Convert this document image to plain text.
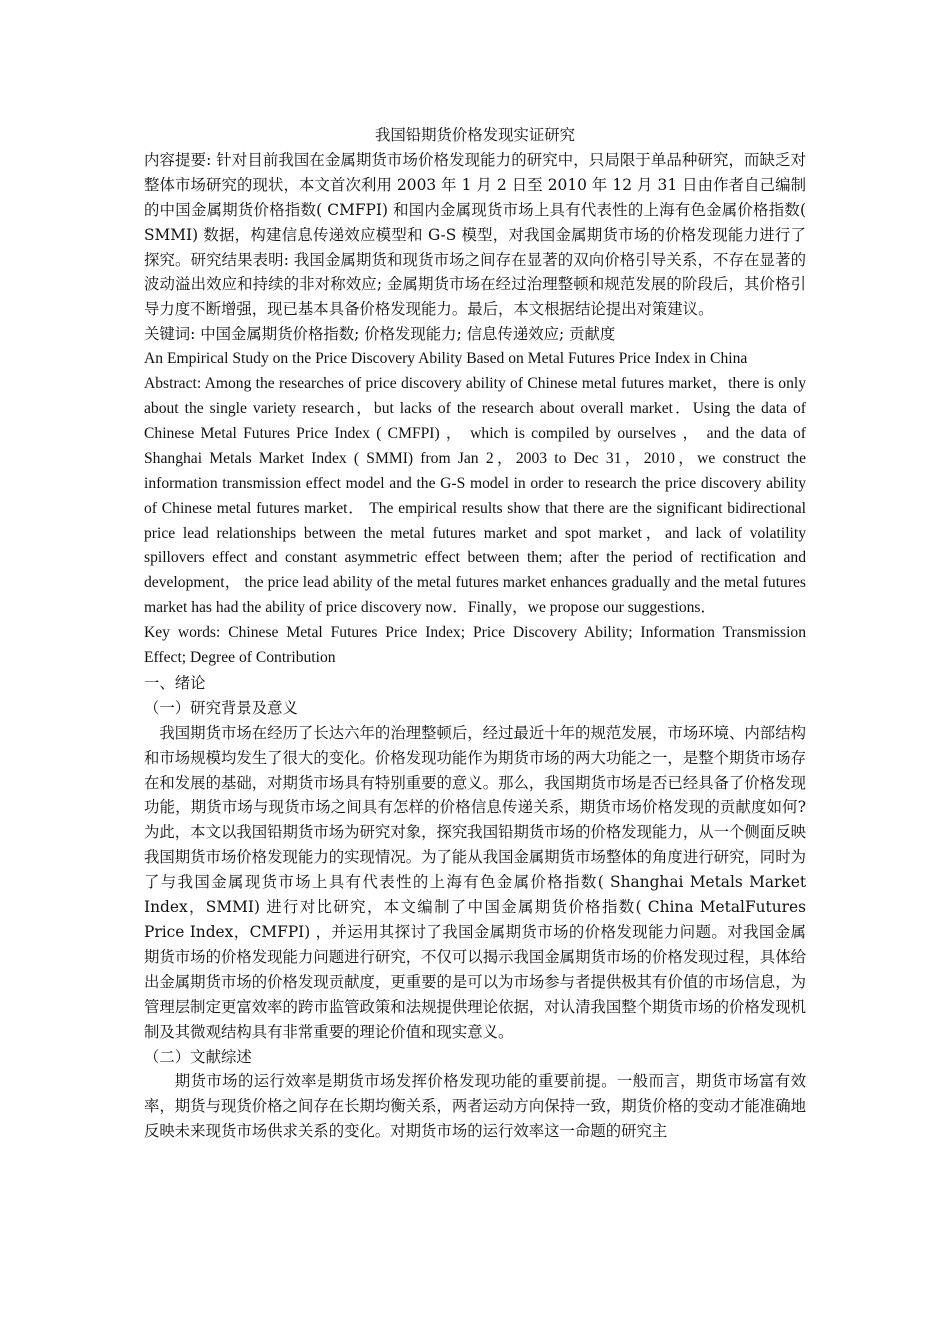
我国铅期货价格发现实证研究

内容提要: 针对目前我国在金属期货市场价格发现能力的研究中，只局限于单品种研究，而缺乏对整体市场研究的现状，本文首次利用 2003 年 1 月 2 日至 2010 年 12 月 31 日由作者自己编制的中国金属期货价格指数( CMFPI) 和国内金属现货市场上具有代表性的上海有色金属价格指数( SMMI) 数据，构建信息传递效应模型和 G-S 模型，对我国金属期货市场的价格发现能力进行了探究。研究结果表明: 我国金属期货和现货市场之间存在显著的双向价格引导关系，不存在显著的波动溢出效应和持续的非对称效应; 金属期货市场在经过治理整顿和规范发展的阶段后，其价格引导力度不断增强，现已基本具备价格发现能力。最后，本文根据结论提出对策建议。

关键词: 中国金属期货价格指数; 价格发现能力; 信息传递效应; 贡献度

An Empirical Study on the Price Discovery Ability Based on Metal Futures Price Index in China

Abstract: Among the researches of price discovery ability of Chinese metal futures market，there is only about the single variety research，but lacks of the research about overall market．Using the data of Chinese Metal Futures Price Index ( CMFPI) ， which is compiled by ourselves ， and the data of Shanghai Metals Market Index ( SMMI) from Jan 2，2003 to Dec 31，2010，we construct the information transmission effect model and the G-S model in order to research the price discovery ability of Chinese metal futures market． The empirical results show that there are the significant bidirectional price lead relationships between the metal futures market and spot market，and lack of volatility spillovers effect and constant asymmetric effect between them; after the period of rectification and development， the price lead ability of the metal futures market enhances gradually and the metal futures market has had the ability of price discovery now．Finally，we propose our suggestions．

Key words: Chinese Metal Futures Price Index; Price Discovery Ability; Information Transmission Effect; Degree of Contribution

一、绪论

（一）研究背景及意义

我国期货市场在经历了长达六年的治理整顿后，经过最近十年的规范发展，市场环境、内部结构和市场规模均发生了很大的变化。价格发现功能作为期货市场的两大功能之一，是整个期货市场存在和发展的基础，对期货市场具有特别重要的意义。那么，我国期货市场是否已经具备了价格发现功能，期货市场与现货市场之间具有怎样的价格信息传递关系，期货市场价格发现的贡献度如何? 为此，本文以我国铅期货市场为研究对象，探究我国铅期货市场的价格发现能力，从一个侧面反映我国期货市场价格发现能力的实现情况。为了能从我国金属期货市场整体的角度进行研究，同时为了与我国金属现货市场上具有代表性的上海有色金属价格指数( Shanghai Metals Market Index，SMMI) 进行对比研究，本文编制了中国金属期货价格指数( China MetalFutures Price Index，CMFPI) ，并运用其探讨了我国金属期货市场的价格发现能力问题。对我国金属期货市场的价格发现能力问题进行研究，不仅可以揭示我国金属期货市场的价格发现过程，具体给出金属期货市场的价格发现贡献度，更重要的是可以为市场参与者提供极其有价值的市场信息，为管理层制定更富效率的跨市监管政策和法规提供理论依据，对认清我国整个期货市场的价格发现机制及其微观结构具有非常重要的理论价值和现实意义。

（二）文献综述

期货市场的运行效率是期货市场发挥价格发现功能的重要前提。一般而言，期货市场富有效率，期货与现货价格之间存在长期均衡关系，两者运动方向保持一致，期货价格的变动才能准确地反映未来现货市场供求关系的变化。对期货市场的运行效率这一命题的研究主
